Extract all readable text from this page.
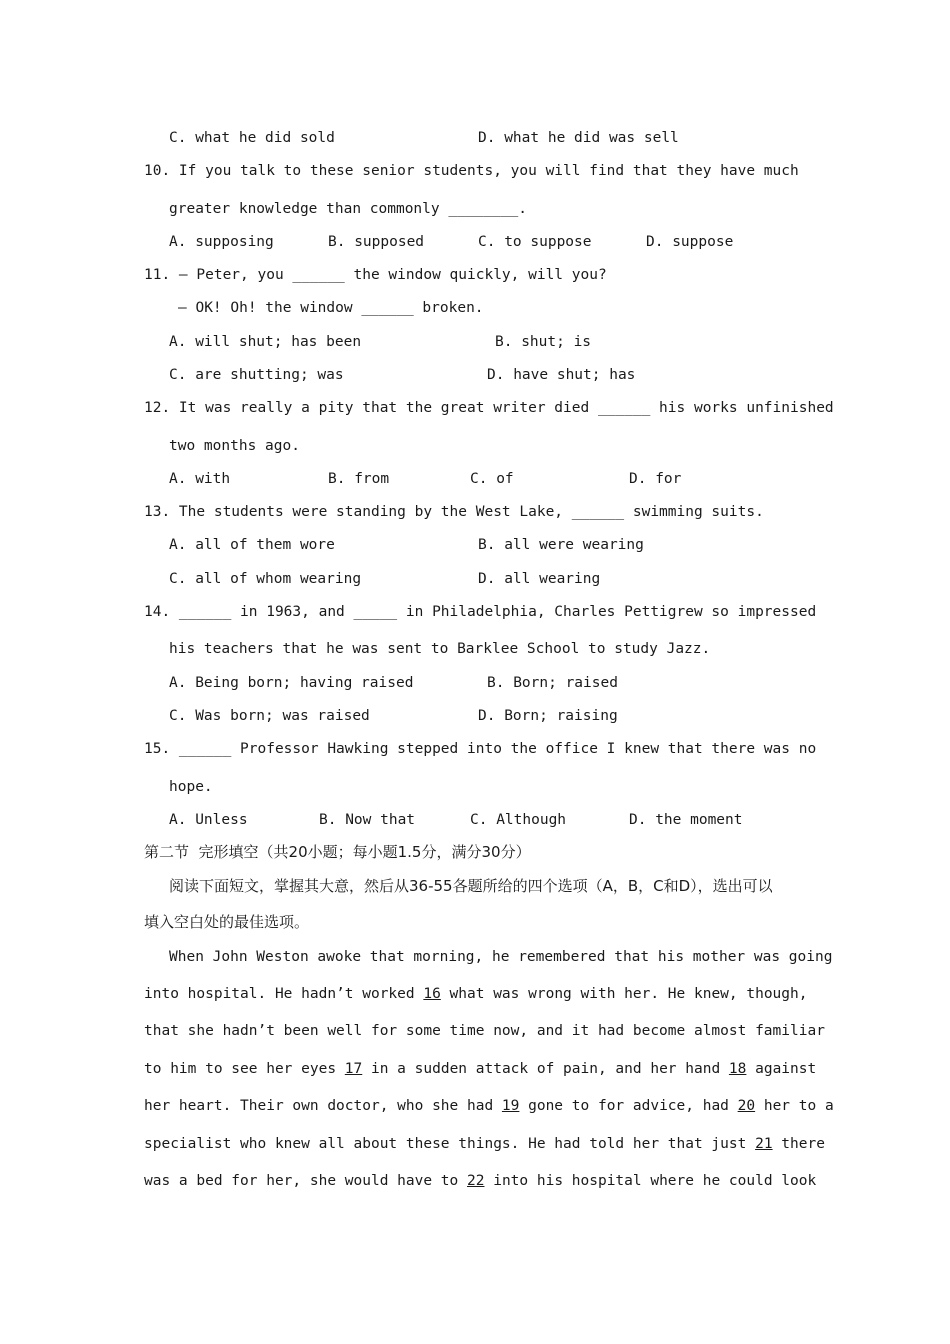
C. what he did sold	D. what he did was sell
10. If you talk to these senior students, you will find that they have much
greater knowledge than commonly ________.
A. supposing	B. supposed	C. to suppose	D. suppose
11. — Peter, you ______ the window quickly, will you?
— OK! Oh! the window ______ broken.
A. will shut; has been	B. shut; is
C. are shutting; was	D. have shut; has
12. It was really a pity that the great writer died ______ his works unfinished
two months ago.
A. with	B. from	C. of	D. for
13. The students were standing by the West Lake, ______ swimming suits.
A. all of them wore	B. all were wearing
C. all of whom wearing	D. all wearing
14. ______ in 1963, and _____ in Philadelphia, Charles Pettigrew so impressed
his teachers that he was sent to Barklee School to study Jazz.
A. Being born; having raised	B. Born; raised
C. Was born; was raised	D. Born; raising
15. ______ Professor Hawking stepped into the office I knew that there was no
hope.
A. Unless	B. Now that	C. Although	D. the moment
第二节  完形填空（共20小题；每小题1.5分，满分30分）
阅读下面短文，掌握其大意，然后从36-55各题所给的四个选项（A，B，C和D），选出可以
填入空白处的最佳选项。
When John Weston awoke that morning, he remembered that his mother was going
into hospital. He hadn’t worked 16 what was wrong with her. He knew, though,
that she hadn’t been well for some time now, and it had become almost familiar
to him to see her eyes 17 in a sudden attack of pain, and her hand 18 against
her heart. Their own doctor, who she had 19 gone to for advice, had 20 her to a
specialist who knew all about these things. He had told her that just 21 there
was a bed for her, she would have to 22 into his hospital where he could look
